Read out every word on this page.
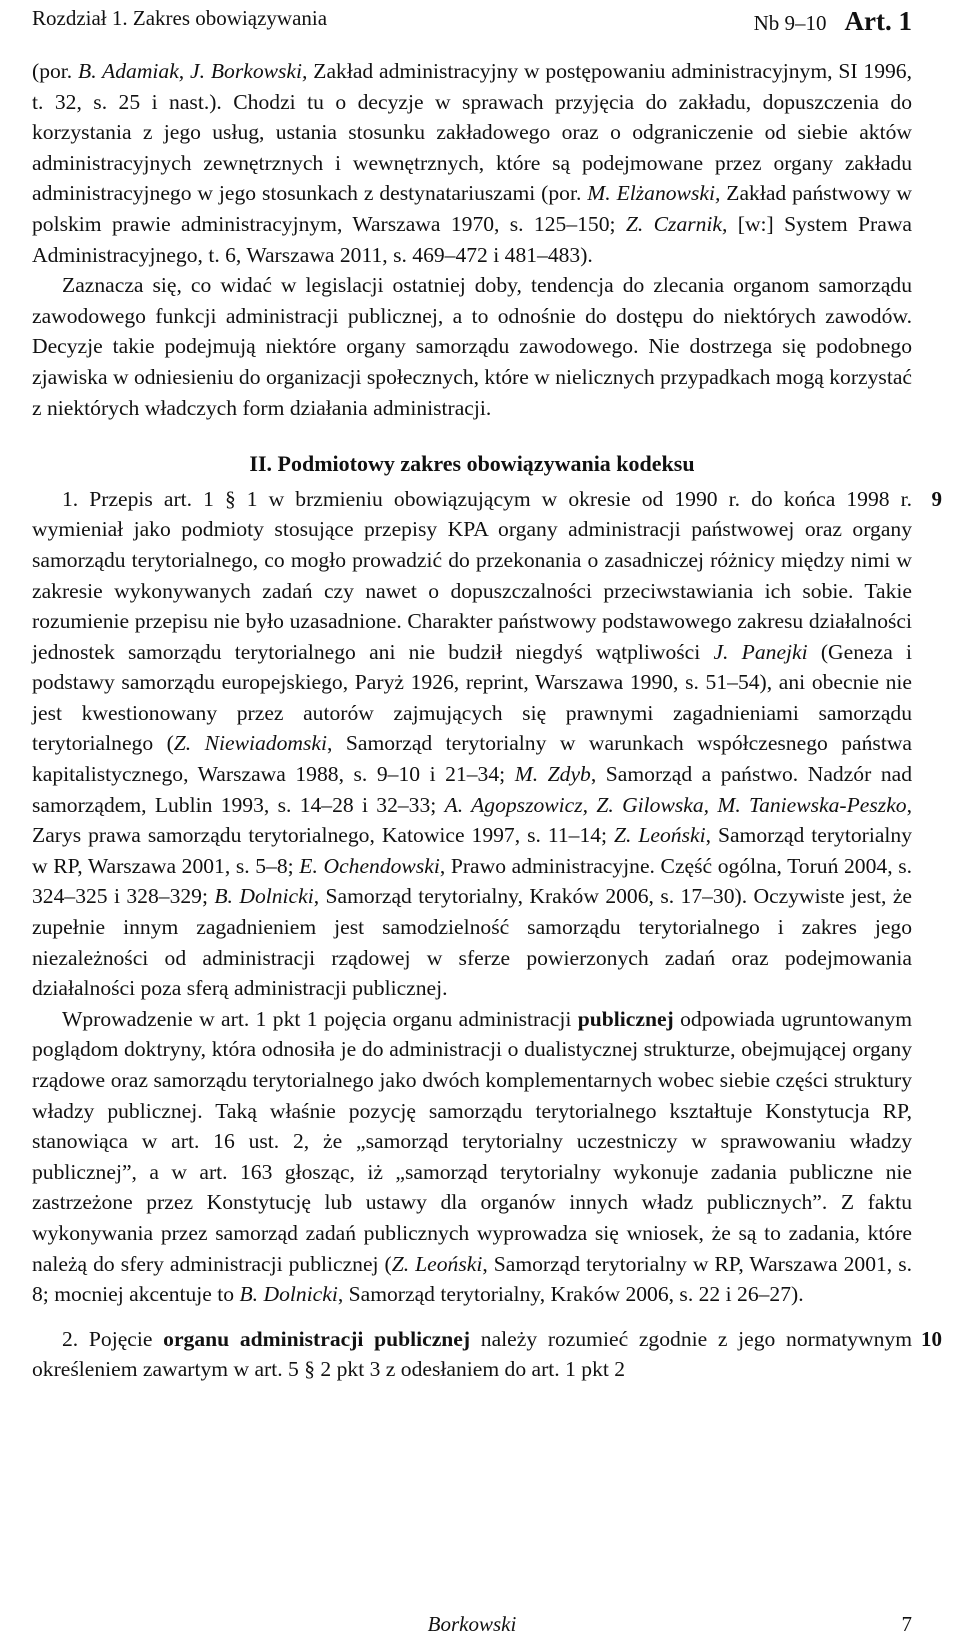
Rozdział 1. Zakres obowiązywania	Nb 9–10 Art. 1

(por. B. Adamiak, J. Borkowski, Zakład administracyjny w postępowaniu administracyjnym, SI 1996, t. 32, s. 25 i nast.). Chodzi tu o decyzje w sprawach przyjęcia do zakładu, dopuszczenia do korzystania z jego usług, ustania stosunku zakładowego oraz o odgraniczenie od siebie aktów administracyjnych zewnętrznych i wewnętrznych, które są podejmowane przez organy zakładu administracyjnego w jego stosunkach z destynatariuszami (por. M. Elżanowski, Zakład państwowy w polskim prawie administracyjnym, Warszawa 1970, s. 125–150; Z. Czarnik, [w:] System Prawa Administracyjnego, t. 6, Warszawa 2011, s. 469–472 i 481–483).

Zaznacza się, co widać w legislacji ostatniej doby, tendencja do zlecania organom samorządu zawodowego funkcji administracji publicznej, a to odnośnie do dostępu do niektórych zawodów. Decyzje takie podejmują niektóre organy samorządu zawodowego. Nie dostrzega się podobnego zjawiska w odniesieniu do organizacji społecznych, które w nielicznych przypadkach mogą korzystać z niektórych władczych form działania administracji.

II. Podmiotowy zakres obowiązywania kodeksu

9
1. Przepis art. 1 § 1 w brzmieniu obowiązującym w okresie od 1990 r. do końca 1998 r. wymieniał jako podmioty stosujące przepisy KPA organy administracji państwowej oraz organy samorządu terytorialnego, co mogło prowadzić do przekonania o zasadniczej różnicy między nimi w zakresie wykonywanych zadań czy nawet o dopuszczalności przeciwstawiania ich sobie. Takie rozumienie przepisu nie było uzasadnione. Charakter państwowy podstawowego zakresu działalności jednostek samorządu terytorialnego ani nie budził niegdyś wątpliwości J. Panejki (Geneza i podstawy samorządu europejskiego, Paryż 1926, reprint, Warszawa 1990, s. 51–54), ani obecnie nie jest kwestionowany przez autorów zajmujących się prawnymi zagadnieniami samorządu terytorialnego (Z. Niewiadomski, Samorząd terytorialny w warunkach współczesnego państwa kapitalistycznego, Warszawa 1988, s. 9–10 i 21–34; M. Zdyb, Samorząd a państwo. Nadzór nad samorządem, Lublin 1993, s. 14–28 i 32–33; A. Agopszowicz, Z. Gilowska, M. Taniewska-Peszko, Zarys prawa samorządu terytorialnego, Katowice 1997, s. 11–14; Z. Leoński, Samorząd terytorialny w RP, Warszawa 2001, s. 5–8; E. Ochendowski, Prawo administracyjne. Część ogólna, Toruń 2004, s. 324–325 i 328–329; B. Dolnicki, Samorząd terytorialny, Kraków 2006, s. 17–30). Oczywiste jest, że zupełnie innym zagadnieniem jest samodzielność samorządu terytorialnego i zakres jego niezależności od administracji rządowej w sferze powierzonych zadań oraz podejmowania działalności poza sferą administracji publicznej.

Wprowadzenie w art. 1 pkt 1 pojęcia organu administracji publicznej odpowiada ugruntowanym poglądom doktryny, która odnosiła je do administracji o dualistycznej strukturze, obejmującej organy rządowe oraz samorządu terytorialnego jako dwóch komplementarnych wobec siebie części struktury władzy publicznej. Taką właśnie pozycję samorządu terytorialnego kształtuje Konstytucja RP, stanowiąca w art. 16 ust. 2, że „samorząd terytorialny uczestniczy w sprawowaniu władzy publicznej”, a w art. 163 głosząc, iż „samorząd terytorialny wykonuje zadania publiczne nie zastrzeżone przez Konstytucję lub ustawy dla organów innych władz publicznych”. Z faktu wykonywania przez samorząd zadań publicznych wyprowadza się wniosek, że są to zadania, które należą do sfery administracji publicznej (Z. Leoński, Samorząd terytorialny w RP, Warszawa 2001, s. 8; mocniej akcentuje to B. Dolnicki, Samorząd terytorialny, Kraków 2006, s. 22 i 26–27).

10
2. Pojęcie organu administracji publicznej należy rozumieć zgodnie z jego normatywnym określeniem zawartym w art. 5 § 2 pkt 3 z odesłaniem do art. 1 pkt 2

Borkowski	7
